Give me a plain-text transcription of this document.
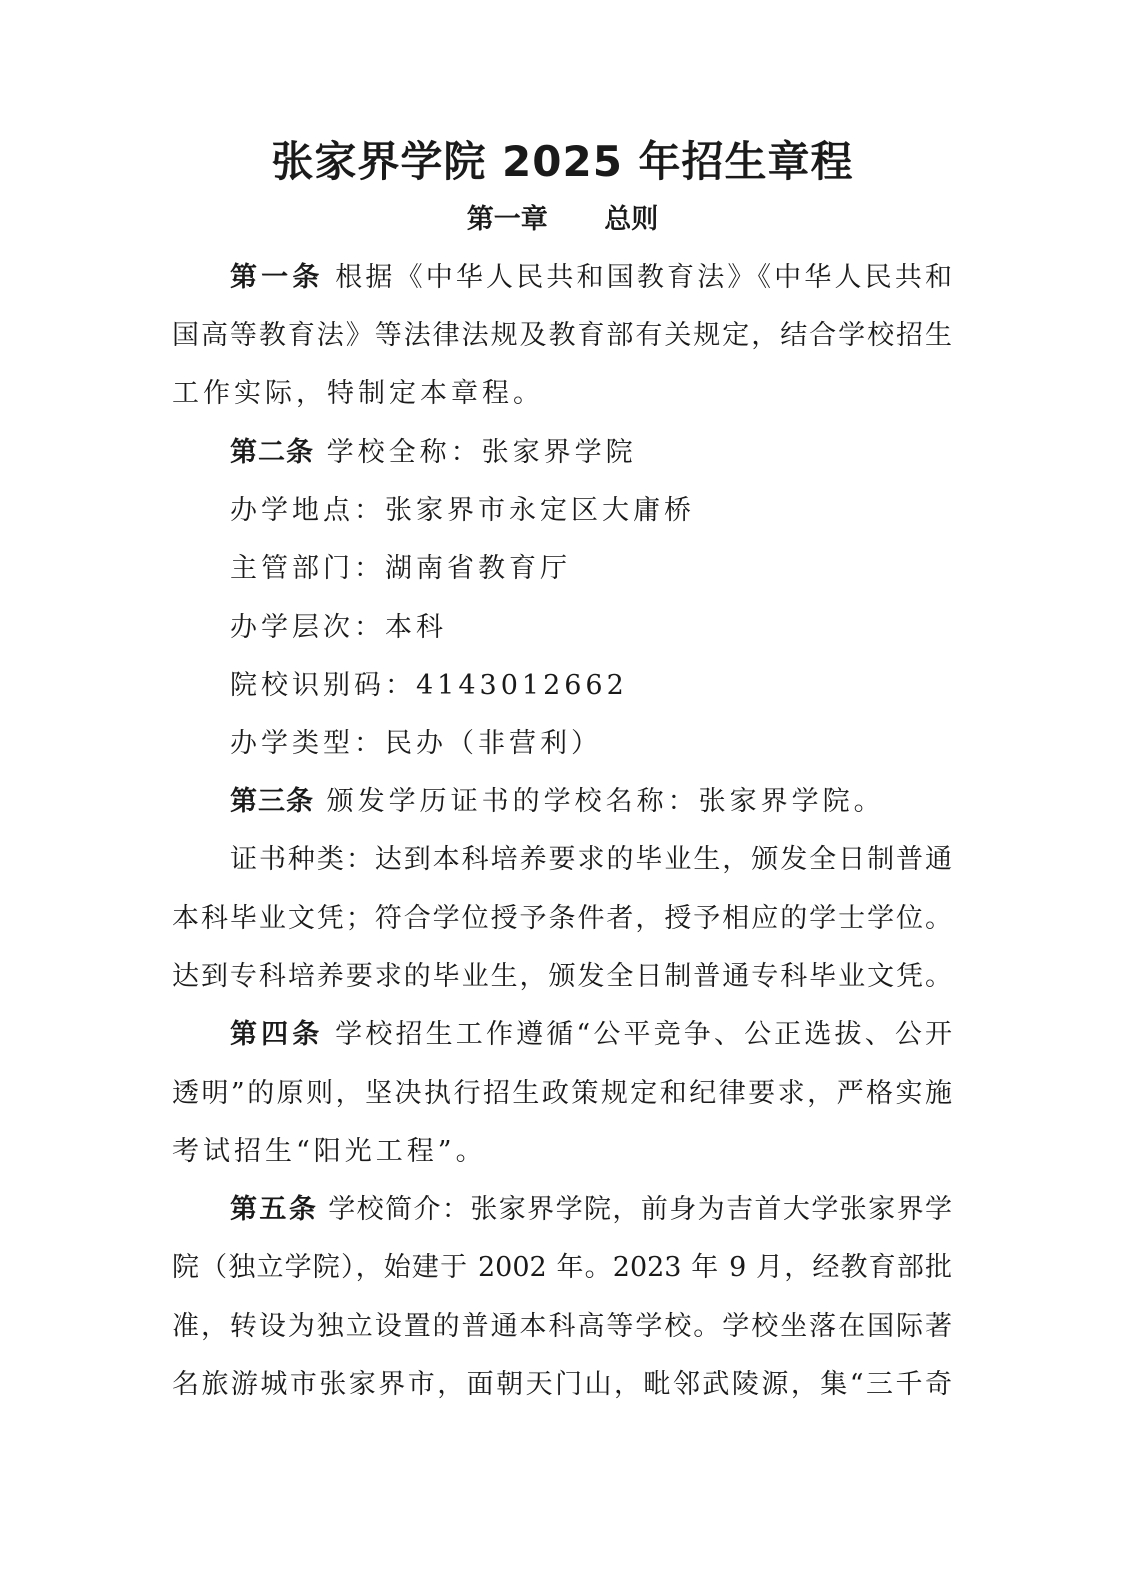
张家界学院 2025 年招生章程
第一章      总则

第一条 根据《中华人民共和国教育法》《中华人民共和

国高等教育法》等法律法规及教育部有关规定，结合学校招生

工作实际，特制定本章程。

第二条 学校全称：张家界学院

办学地点：张家界市永定区大庸桥

主管部门：湖南省教育厅

办学层次：本科

院校识别码：4143012662

办学类型：民办（非营利）

第三条 颁发学历证书的学校名称：张家界学院。

证书种类：达到本科培养要求的毕业生，颁发全日制普通

本科毕业文凭；符合学位授予条件者，授予相应的学士学位。

达到专科培养要求的毕业生，颁发全日制普通专科毕业文凭。

第四条 学校招生工作遵循“公平竞争、公正选拔、公开

透明”的原则，坚决执行招生政策规定和纪律要求，严格实施

考试招生“阳光工程”。

第五条 学校简介：张家界学院，前身为吉首大学张家界学

院（独立学院），始建于 2002 年。2023 年 9 月，经教育部批

准，转设为独立设置的普通本科高等学校。学校坐落在国际著

名旅游城市张家界市，面朝天门山，毗邻武陵源，集“三千奇
